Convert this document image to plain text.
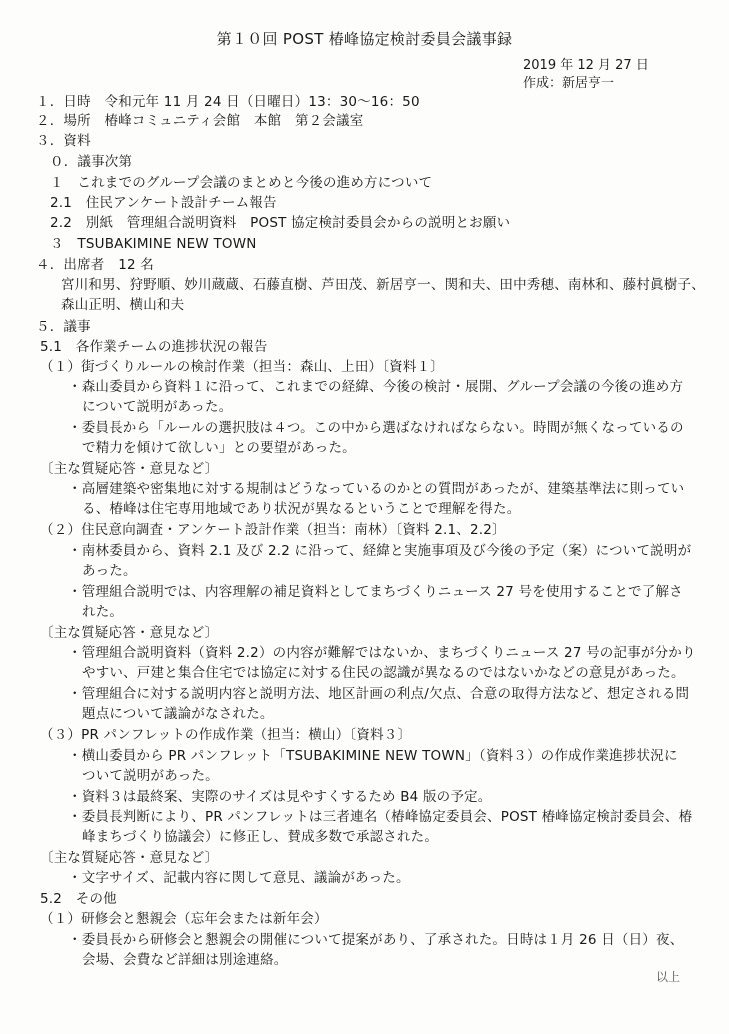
第１０回 POST 椿峰協定検討委員会議事録
2019 年 12 月 27 日
作成：新居亨一
１．日時　令和元年 11 月 24 日（日曜日）13：30〜16：50
２．場所　椿峰コミュニティ会館　本館　第２会議室
３．資料
０．議事次第
１　これまでのグループ会議のまとめと今後の進め方について
2.1　住民アンケート設計チーム報告
2.2　別紙　管理組合説明資料　POST 協定検討委員会からの説明とお願い
３　TSUBAKIMINE NEW TOWN
４．出席者　12 名
宮川和男、狩野順、妙川蔵蔵、石藤直樹、芦田茂、新居亨一、関和夫、田中秀穂、南林和、藤村眞樹子、
森山正明、横山和夫
５．議事
5.1　各作業チームの進捗状況の報告
（１）街づくりルールの検討作業（担当：森山、上田）〔資料１〕
・森山委員から資料１に沿って、これまでの経緯、今後の検討・展開、グループ会議の今後の進め方
について説明があった。
・委員長から「ルールの選択肢は４つ。この中から選ばなければならない。時間が無くなっているの
で精力を傾けて欲しい」との要望があった。
〔主な質疑応答・意見など〕
・高層建築や密集地に対する規制はどうなっているのかとの質問があったが、建築基準法に則ってい
る、椿峰は住宅専用地域であり状況が異なるということで理解を得た。
（２）住民意向調査・アンケート設計作業（担当：南林）〔資料 2.1、2.2〕
・南林委員から、資料 2.1 及び 2.2 に沿って、経緯と実施事項及び今後の予定（案）について説明が
あった。
・管理組合説明では、内容理解の補足資料としてまちづくりニュース 27 号を使用することで了解さ
れた。
〔主な質疑応答・意見など〕
・管理組合説明資料（資料 2.2）の内容が難解ではないか、まちづくりニュース 27 号の記事が分かり
やすい、戸建と集合住宅では協定に対する住民の認識が異なるのではないかなどの意見があった。
・管理組合に対する説明内容と説明方法、地区計画の利点/欠点、合意の取得方法など、想定される問
題点について議論がなされた。
（３）PR パンフレットの作成作業（担当：横山）〔資料３〕
・横山委員から PR パンフレット「TSUBAKIMINE NEW TOWN」（資料３）の作成作業進捗状況に
ついて説明があった。
・資料３は最終案、実際のサイズは見やすくするため B4 版の予定。
・委員長判断により、PR パンフレットは三者連名（椿峰協定委員会、POST 椿峰協定検討委員会、椿
峰まちづくり協議会）に修正し、賛成多数で承認された。
〔主な質疑応答・意見など〕
・文字サイズ、記載内容に関して意見、議論があった。
5.2　その他
（１）研修会と懇親会（忘年会または新年会）
・委員長から研修会と懇親会の開催について提案があり、了承された。日時は１月 26 日（日）夜、
会場、会費など詳細は別途連絡。
以上
